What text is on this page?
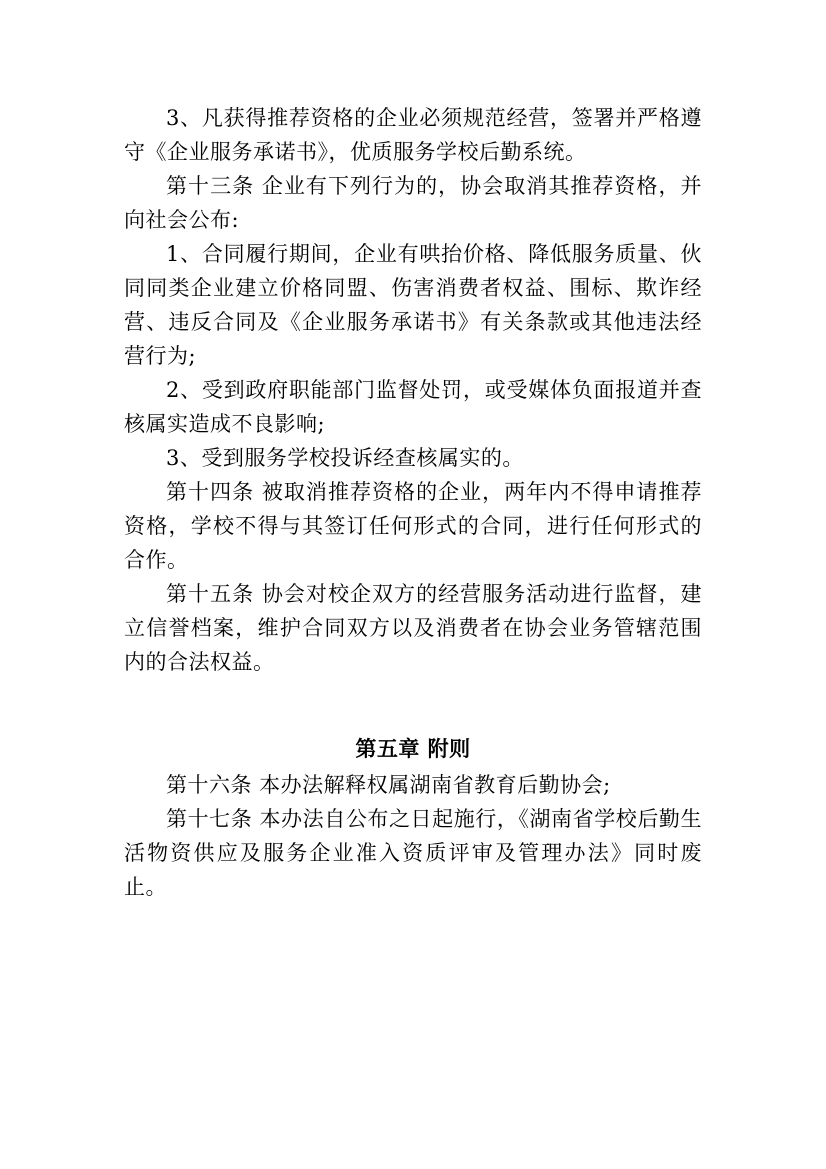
3、凡获得推荐资格的企业必须规范经营，签署并严格遵守《企业服务承诺书》，优质服务学校后勤系统。

第十三条 企业有下列行为的，协会取消其推荐资格，并向社会公布:

1、合同履行期间，企业有哄抬价格、降低服务质量、伙同同类企业建立价格同盟、伤害消费者权益、围标、欺诈经营、违反合同及《企业服务承诺书》有关条款或其他违法经营行为;

2、受到政府职能部门监督处罚，或受媒体负面报道并查核属实造成不良影响;

3、受到服务学校投诉经查核属实的。

第十四条 被取消推荐资格的企业，两年内不得申请推荐资格，学校不得与其签订任何形式的合同，进行任何形式的合作。

第十五条 协会对校企双方的经营服务活动进行监督，建立信誉档案，维护合同双方以及消费者在协会业务管辖范围内的合法权益。

第五章 附则

第十六条 本办法解释权属湖南省教育后勤协会;

第十七条 本办法自公布之日起施行，《湖南省学校后勤生活物资供应及服务企业准入资质评审及管理办法》同时废止。
